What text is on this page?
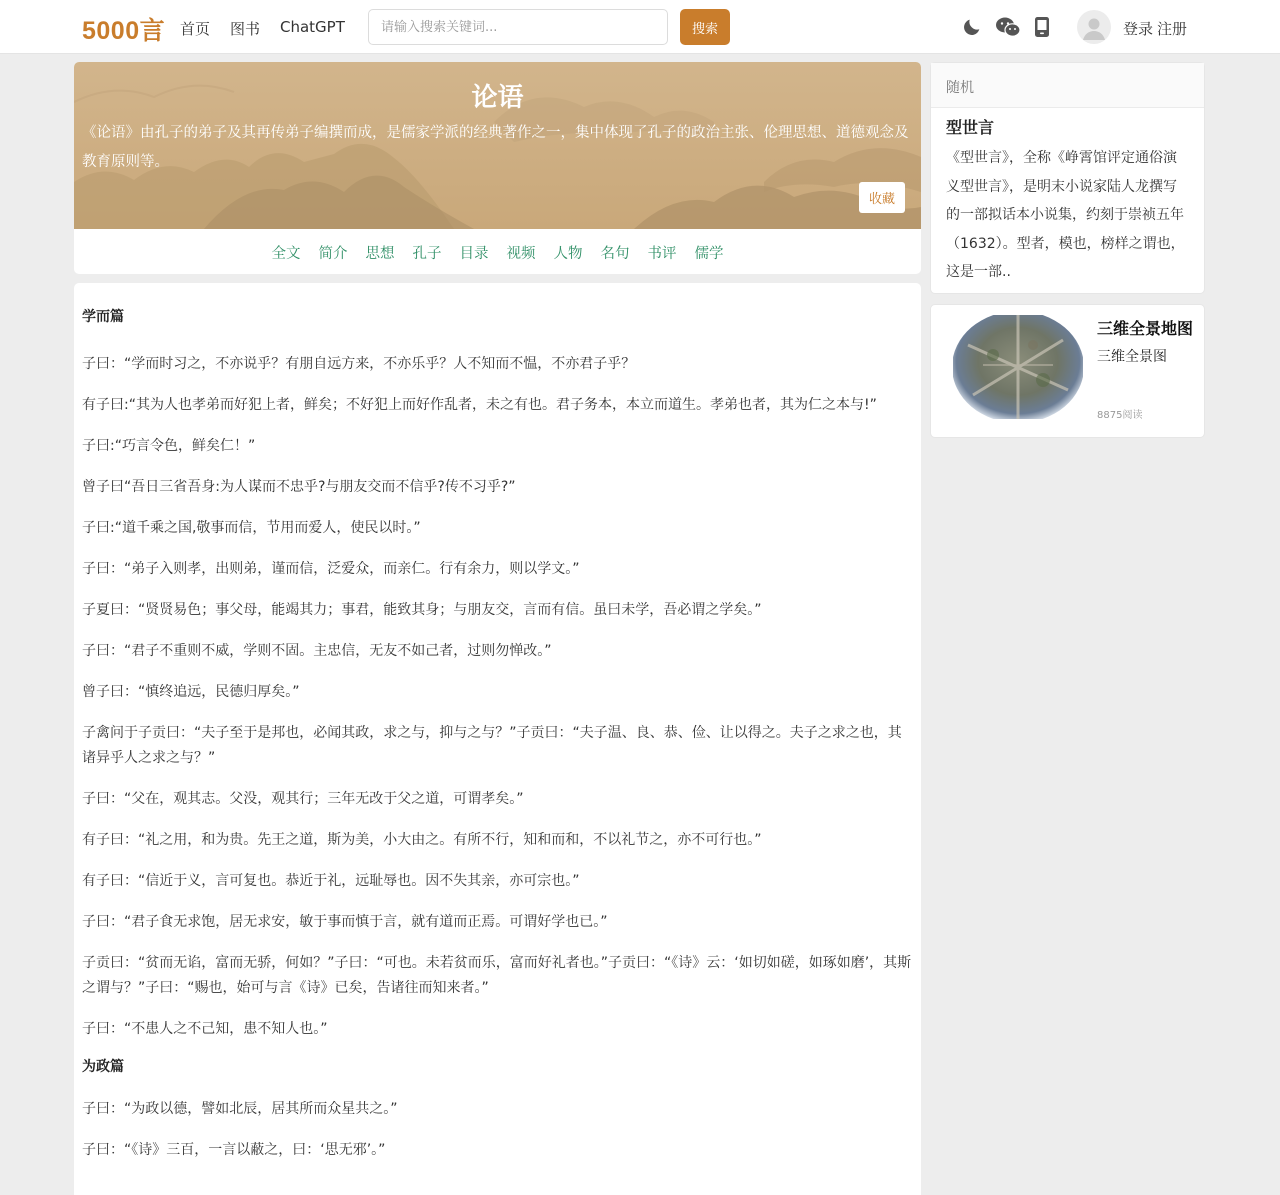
5000言 首页 图书 ChatGPT
请输入搜索关键词...	搜索	登录 注册
论语
《论语》由孔子的弟子及其再传弟子编撰而成，是儒家学派的经典著作之一，集中体现了孔子的政治主张、伦理思想、道德观念及教育原则等。
收藏
全文 简介 思想 孔子 目录 视频 人物 名句 书评 儒学
学而篇

子曰：“学而时习之，不亦说乎？有朋自远方来，不亦乐乎？人不知而不愠，不亦君子乎？

有子曰:“其为人也孝弟而好犯上者，鲜矣；不好犯上而好作乱者，未之有也。君子务本，本立而道生。孝弟也者，其为仁之本与!”

子曰:“巧言令色，鲜矣仁！”

曾子曰“吾日三省吾身:为人谋而不忠乎?与朋友交而不信乎?传不习乎?”

子曰:“道千乘之国,敬事而信，节用而爱人，使民以时。”

子曰：“弟子入则孝，出则弟，谨而信，泛爱众，而亲仁。行有余力，则以学文。”

子夏曰：“贤贤易色；事父母，能竭其力；事君，能致其身；与朋友交，言而有信。虽曰未学，吾必谓之学矣。”

子曰：“君子不重则不威，学则不固。主忠信，无友不如己者，过则勿惮改。”

曾子曰：“慎终追远，民德归厚矣。”

子禽问于子贡曰：“夫子至于是邦也，必闻其政，求之与，抑与之与？”子贡曰：“夫子温、良、恭、俭、让以得之。夫子之求之也，其诸异乎人之求之与？”

子曰：“父在，观其志。父没，观其行；三年无改于父之道，可谓孝矣。”

有子曰：“礼之用，和为贵。先王之道，斯为美，小大由之。有所不行，知和而和，不以礼节之，亦不可行也。”

有子曰：“信近于义，言可复也。恭近于礼，远耻辱也。因不失其亲，亦可宗也。”

子曰：“君子食无求饱，居无求安，敏于事而慎于言，就有道而正焉。可谓好学也已。”

子贡曰：“贫而无谄，富而无骄，何如？”子曰：“可也。未若贫而乐，富而好礼者也。”子贡曰：“《诗》云：‘如切如磋，如琢如磨’，其斯之谓与？”子曰：“赐也，始可与言《诗》已矣，告诸往而知来者。”

子曰：“不患人之不己知，患不知人也。”

为政篇

子曰：“为政以德，譬如北辰，居其所而众星共之。”

子曰：“《诗》三百，一言以蔽之，曰：‘思无邪’。”

随机
型世言
《型世言》，全称《峥霄馆评定通俗演义型世言》，是明末小说家陆人龙撰写的一部拟话本小说集，约刻于崇祯五年（1632）。型者，模也，榜样之谓也，这是一部..
三维全景地图
三维全景图
8875阅读
